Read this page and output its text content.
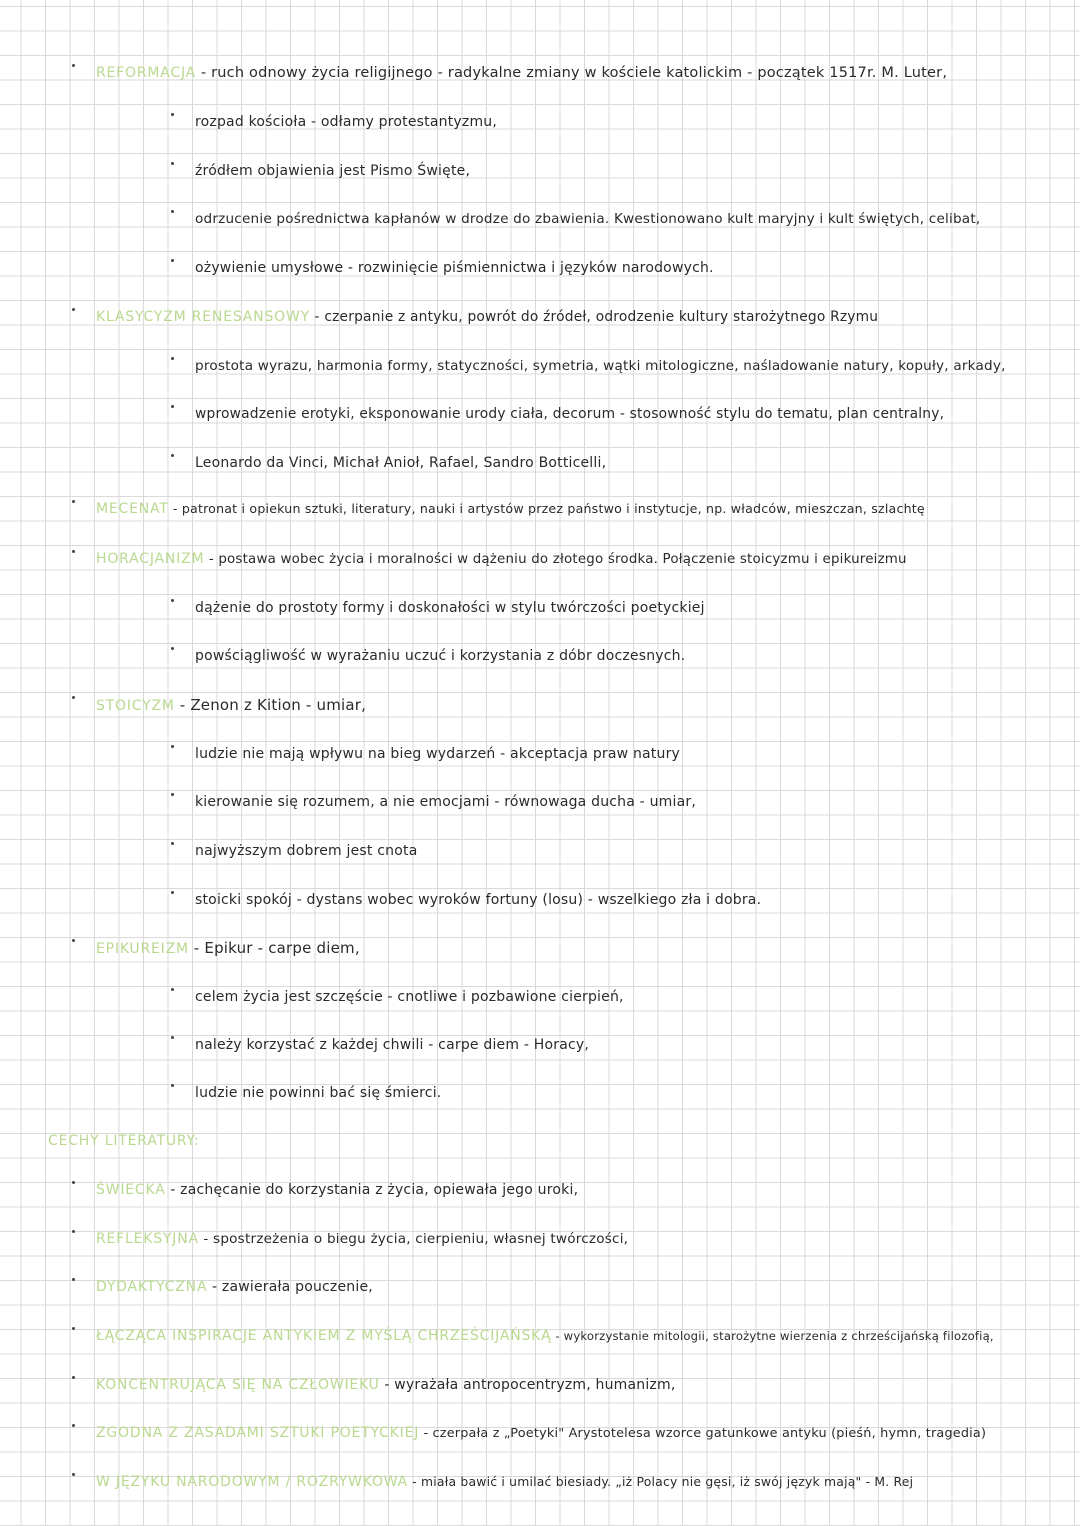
REFORMACJA - ruch odnowy życia religijnego - radykalne zmiany w kościele katolickim - początek 1517r. M. Luter,
rozpad kościoła - odłamy protestantyzmu,
źródłem objawienia jest Pismo Święte,
odrzucenie pośrednictwa kapłanów w drodze do zbawienia. Kwestionowano kult maryjny i kult świętych, celibat,
ożywienie umysłowe - rozwinięcie piśmiennictwa i języków narodowych.
KLASYCYZM RENESANSOWY - czerpanie z antyku, powrót do źródeł, odrodzenie kultury starożytnego Rzymu
prostota wyrazu, harmonia formy, statyczności, symetria, wątki mitologiczne, naśladowanie natury, kopuły, arkady,
wprowadzenie erotyki, eksponowanie urody ciała, decorum - stosowność stylu do tematu, plan centralny,
Leonardo da Vinci, Michał Anioł, Rafael, Sandro Botticelli,
MECENAT - patronat i opiekun sztuki, literatury, nauki i artystów przez państwo i instytucje, np. władców, mieszczan, szlachtę
HORACJANIZM - postawa wobec życia i moralności w dążeniu do złotego środka. Połączenie stoicyzmu i epikureizmu
dążenie do prostoty formy i doskonałości w stylu twórczości poetyckiej
powściągliwość w wyrażaniu uczuć i korzystania z dóbr doczesnych.
STOICYZM - Zenon z Kition - umiar,
ludzie nie mają wpływu na bieg wydarzeń - akceptacja praw natury
kierowanie się rozumem, a nie emocjami - równowaga ducha - umiar,
najwyższym dobrem jest cnota
stoicki spokój - dystans wobec wyroków fortuny (losu) - wszelkiego zła i dobra.
EPIKUREIZM - Epikur - carpe diem,
celem życia jest szczęście - cnotliwe i pozbawione cierpień,
należy korzystać z każdej chwili - carpe diem - Horacy,
ludzie nie powinni bać się śmierci.
CECHY LITERATURY:
ŚWIECKA - zachęcanie do korzystania z życia, opiewała jego uroki,
REFLEKSYJNA - spostrzeżenia o biegu życia, cierpieniu, własnej twórczości,
DYDAKTYCZNA - zawierała pouczenie,
ŁĄCZĄCA INSPIRACJE ANTYKIEM Z MYŚLĄ CHRZEŚCIJAŃSKĄ - wykorzystanie mitologii, starożytne wierzenia z chrześcijańską filozofią,
KONCENTRUJĄCA SIĘ NA CZŁOWIEKU - wyrażała antropocentryzm, humanizm,
ZGODNA Z ZASADAMI SZTUKI POETYCKIEJ - czerpała z „Poetyki" Arystotelesa wzorce gatunkowe antyku (pieśń, hymn, tragedia)
W JĘZYKU NARODOWYM / ROZRYWKOWA - miała bawić i umilać biesiady. „iż Polacy nie gęsi, iż swój język mają" - M. Rej
